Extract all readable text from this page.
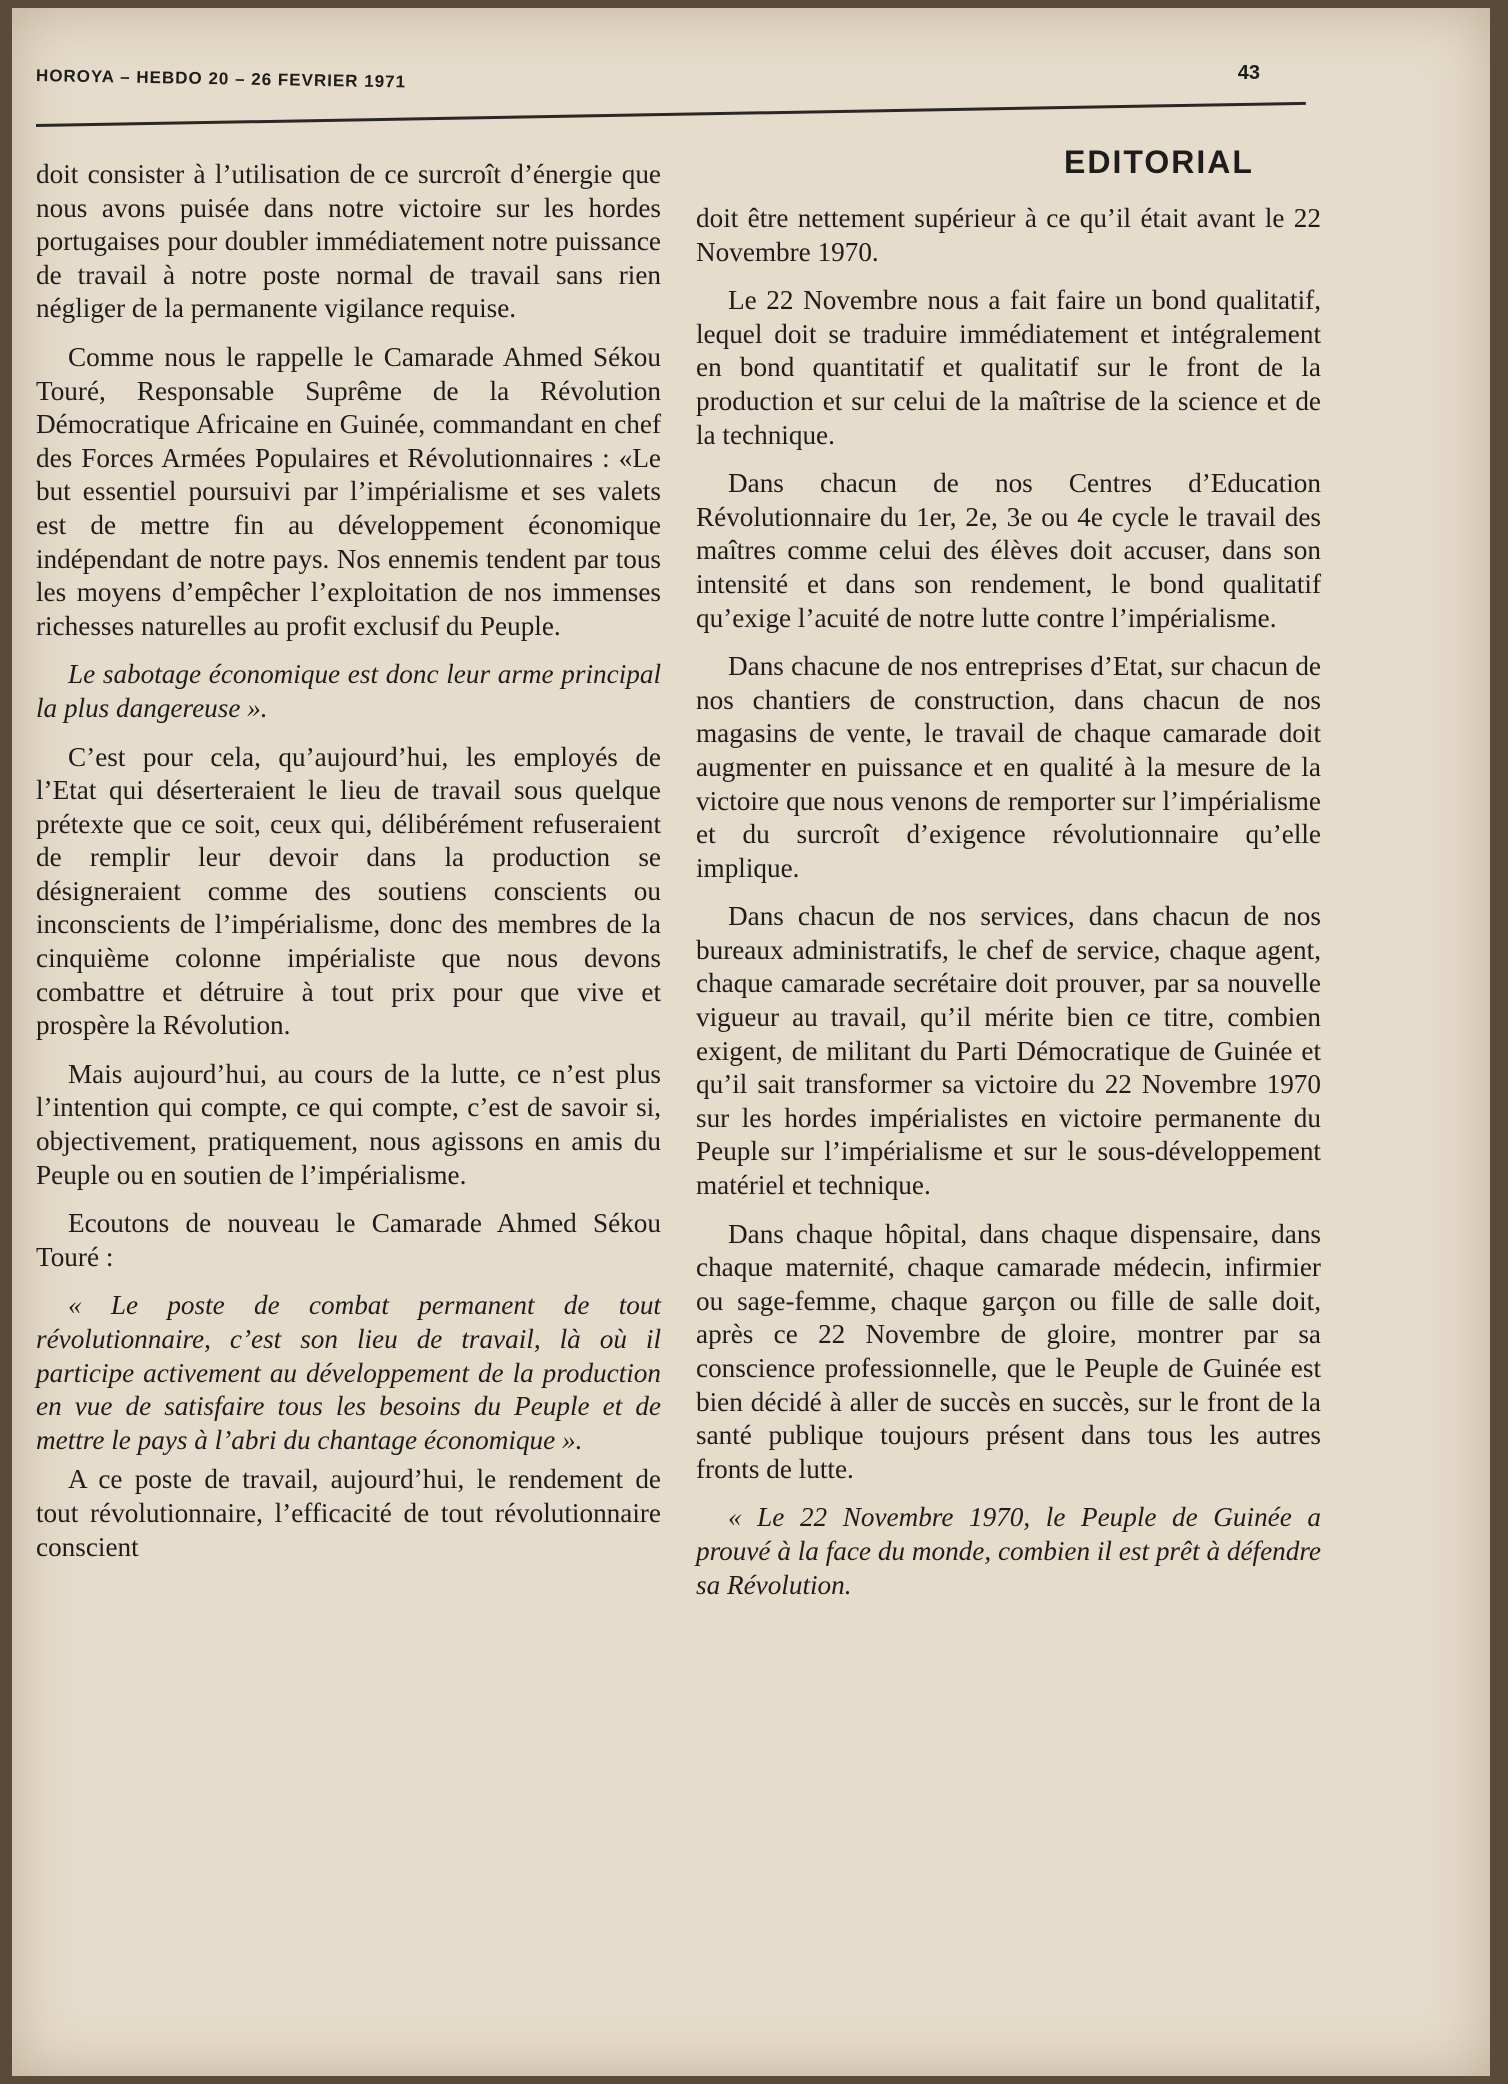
HOROYA – HEBDO 20 – 26 FEVRIER 1971	43
EDITORIAL

doit consister à l’utilisation de ce surcroît d’énergie que nous avons puisée dans notre victoire sur les hordes portugaises pour doubler immédiatement notre puissance de travail à notre poste normal de travail sans rien négliger de la permanente vigilance requise.

Comme nous le rappelle le Camarade Ahmed Sékou Touré, Responsable Suprême de la Révolution Démocratique Africaine en Guinée, commandant en chef des Forces Armées Populaires et Révolutionnaires : «Le but essentiel poursuivi par l’impérialisme et ses valets est de mettre fin au développement économique indépendant de notre pays. Nos ennemis tendent par tous les moyens d’empêcher l’exploitation de nos immenses richesses naturelles au profit exclusif du Peuple.

Le sabotage économique est donc leur arme principal la plus dangereuse ».

C’est pour cela, qu’aujourd’hui, les employés de l’Etat qui déserteraient le lieu de travail sous quelque prétexte que ce soit, ceux qui, délibérément refuseraient de remplir leur devoir dans la production se désigneraient comme des soutiens conscients ou inconscients de l’impérialisme, donc des membres de la cinquième colonne impérialiste que nous devons combattre et détruire à tout prix pour que vive et prospère la Révolution.

Mais aujourd’hui, au cours de la lutte, ce n’est plus l’intention qui compte, ce qui compte, c’est de savoir si, objectivement, pratiquement, nous agissons en amis du Peuple ou en soutien de l’impérialisme.

Ecoutons de nouveau le Camarade Ahmed Sékou Touré :

« Le poste de combat permanent de tout révolutionnaire, c’est son lieu de travail, là où il participe activement au développement de la production en vue de satisfaire tous les besoins du Peuple et de mettre le pays à l’abri du chantage économique ».

A ce poste de travail, aujourd’hui, le rendement de tout révolutionnaire, l’efficacité de tout révolutionnaire conscient

doit être nettement supérieur à ce qu’il était avant le 22 Novembre 1970.

Le 22 Novembre nous a fait faire un bond qualitatif, lequel doit se traduire immédiatement et intégralement en bond quantitatif et qualitatif sur le front de la production et sur celui de la maîtrise de la science et de la technique.

Dans chacun de nos Centres d’Education Révolutionnaire du 1er, 2e, 3e ou 4e cycle le travail des maîtres comme celui des élèves doit accuser, dans son intensité et dans son rendement, le bond qualitatif qu’exige l’acuité de notre lutte contre l’impérialisme.

Dans chacune de nos entreprises d’Etat, sur chacun de nos chantiers de construction, dans chacun de nos magasins de vente, le travail de chaque camarade doit augmenter en puissance et en qualité à la mesure de la victoire que nous venons de remporter sur l’impérialisme et du surcroît d’exigence révolutionnaire qu’elle implique.

Dans chacun de nos services, dans chacun de nos bureaux administratifs, le chef de service, chaque agent, chaque camarade secrétaire doit prouver, par sa nouvelle vigueur au travail, qu’il mérite bien ce titre, combien exigent, de militant du Parti Démocratique de Guinée et qu’il sait transformer sa victoire du 22 Novembre 1970 sur les hordes impérialistes en victoire permanente du Peuple sur l’impérialisme et sur le sous-développement matériel et technique.

Dans chaque hôpital, dans chaque dispensaire, dans chaque maternité, chaque camarade médecin, infirmier ou sage-femme, chaque garçon ou fille de salle doit, après ce 22 Novembre de gloire, montrer par sa conscience professionnelle, que le Peuple de Guinée est bien décidé à aller de succès en succès, sur le front de la santé publique toujours présent dans tous les autres fronts de lutte.

« Le 22 Novembre 1970, le Peuple de Guinée a prouvé à la face du monde, combien il est prêt à défendre sa Révolution.
